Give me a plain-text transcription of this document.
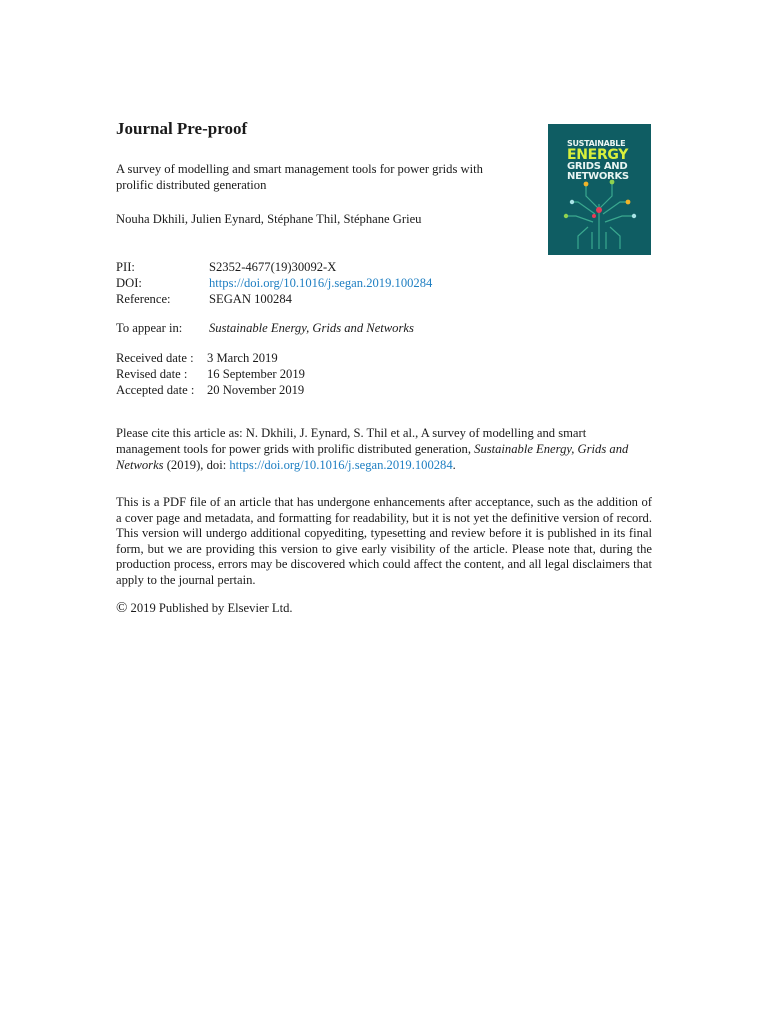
Journal Pre-proof

A survey of modelling and smart management tools for power grids with prolific distributed generation

Nouha Dkhili, Julien Eynard, Stéphane Thil, Stéphane Grieu

PII:	S2352-4677(19)30092-X
DOI:	https://doi.org/10.1016/j.segan.2019.100284
Reference:	SEGAN 100284
To appear in: Sustainable Energy, Grids and Networks
Received date : 3 March 2019
Revised date : 16 September 2019
Accepted date : 20 November 2019

Please cite this article as: N. Dkhili, J. Eynard, S. Thil et al., A survey of modelling and smart management tools for power grids with prolific distributed generation, Sustainable Energy, Grids and Networks (2019), doi: https://doi.org/10.1016/j.segan.2019.100284.

This is a PDF file of an article that has undergone enhancements after acceptance, such as the addition of a cover page and metadata, and formatting for readability, but it is not yet the definitive version of record. This version will undergo additional copyediting, typesetting and review before it is published in its final form, but we are providing this version to give early visibility of the article. Please note that, during the production process, errors may be discovered which could affect the content, and all legal disclaimers that apply to the journal pertain.

© 2019 Published by Elsevier Ltd.

SUSTAINABLE
ENERGY
GRIDS AND
NETWORKS
